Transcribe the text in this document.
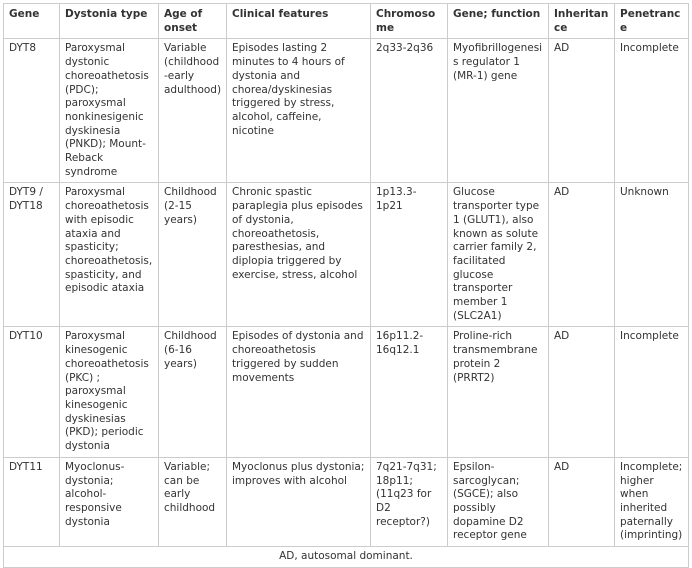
Gene	Dystonia type	Age of onset	Clinical features	Chromosome	Gene; function	Inheritance	Penetrance
DYT8	Paroxysmal dystonic choreoathetosis (PDC); paroxysmal nonkinesigenic dyskinesia (PNKD); Mount-Reback syndrome	Variable (childhood-early adulthood)	Episodes lasting 2 minutes to 4 hours of dystonia and chorea/dyskinesias triggered by stress, alcohol, caffeine, nicotine	2q33-2q36	Myofibrillogenesis regulator 1 (MR-1) gene	AD	Incomplete
DYT9 / DYT18	Paroxysmal choreoathetosis with episodic ataxia and spasticity; choreoathetosis, spasticity, and episodic ataxia	Childhood (2-15 years)	Chronic spastic paraplegia plus episodes of dystonia, choreoathetosis, paresthesias, and diplopia triggered by exercise, stress, alcohol	1p13.3-1p21	Glucose transporter type 1 (GLUT1), also known as solute carrier family 2, facilitated glucose transporter member 1 (SLC2A1)	AD	Unknown
DYT10	Paroxysmal kinesogenic choreoathetosis (PKC) ; paroxysmal kinesogenic dyskinesias (PKD); periodic dystonia	Childhood (6-16 years)	Episodes of dystonia and choreoathetosis triggered by sudden movements	16p11.2-16q12.1	Proline-rich transmembrane protein 2 (PRRT2)	AD	Incomplete
DYT11	Myoclonus-dystonia; alcohol-responsive dystonia	Variable; can be early childhood	Myoclonus plus dystonia; improves with alcohol	7q21-7q31; 18p11; (11q23 for D2 receptor?)	Epsilon-sarcoglycan; (SGCE); also possibly dopamine D2 receptor gene	AD	Incomplete; higher when inherited paternally (imprinting)
AD, autosomal dominant.							
